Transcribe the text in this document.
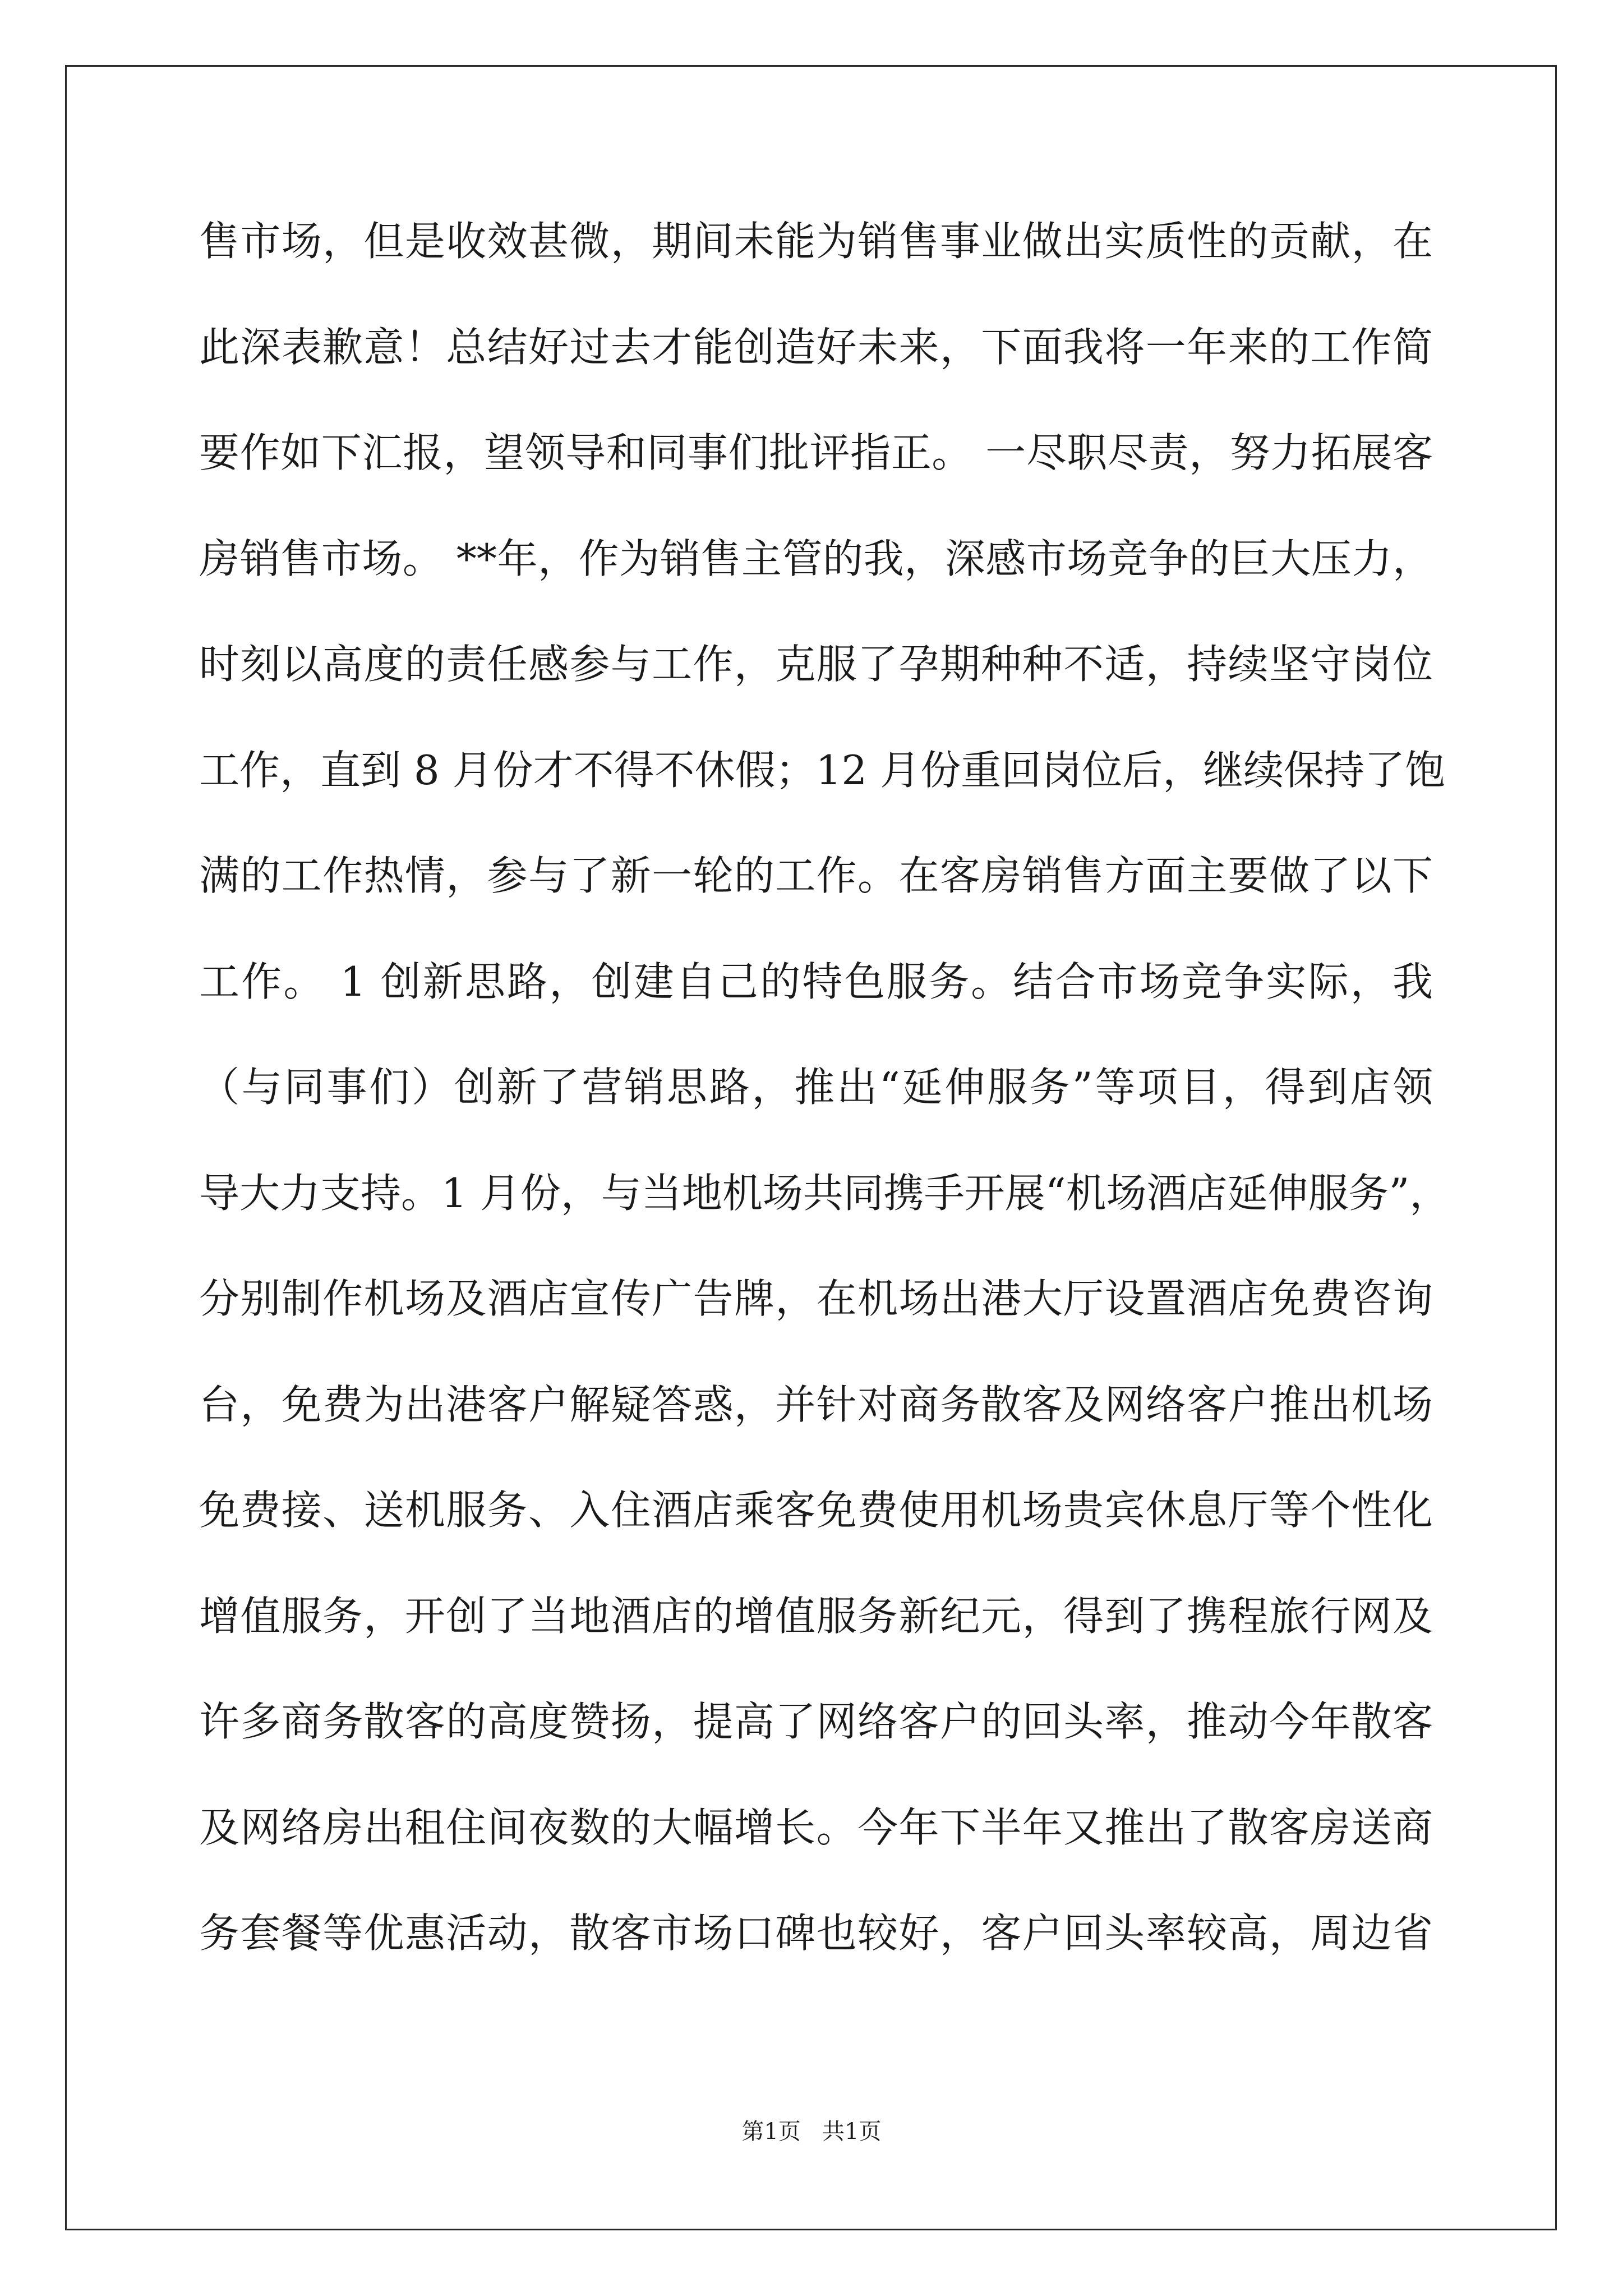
售市场，但是收效甚微，期间未能为销售事业做出实质性的贡献，在
此深表歉意！总结好过去才能创造好未来，下面我将一年来的工作简
要作如下汇报，望领导和同事们批评指正。 一尽职尽责，努力拓展客
房销售市场。 **年，作为销售主管的我，深感市场竞争的巨大压力，
时刻以高度的责任感参与工作，克服了孕期种种不适，持续坚守岗位
工作，直到 8 月份才不得不休假；12 月份重回岗位后，继续保持了饱
满的工作热情，参与了新一轮的工作。在客房销售方面主要做了以下
工作。 1 创新思路，创建自己的特色服务。结合市场竞争实际，我
（与同事们）创新了营销思路，推出“延伸服务”等项目，得到店领
导大力支持。1 月份，与当地机场共同携手开展“机场酒店延伸服务”，
分别制作机场及酒店宣传广告牌，在机场出港大厅设置酒店免费咨询
台，免费为出港客户解疑答惑，并针对商务散客及网络客户推出机场
免费接、送机服务、入住酒店乘客免费使用机场贵宾休息厅等个性化
增值服务，开创了当地酒店的增值服务新纪元，得到了携程旅行网及
许多商务散客的高度赞扬，提高了网络客户的回头率，推动今年散客
及网络房出租住间夜数的大幅增长。今年下半年又推出了散客房送商
务套餐等优惠活动，散客市场口碑也较好，客户回头率较高，周边省
第1页   共1页
